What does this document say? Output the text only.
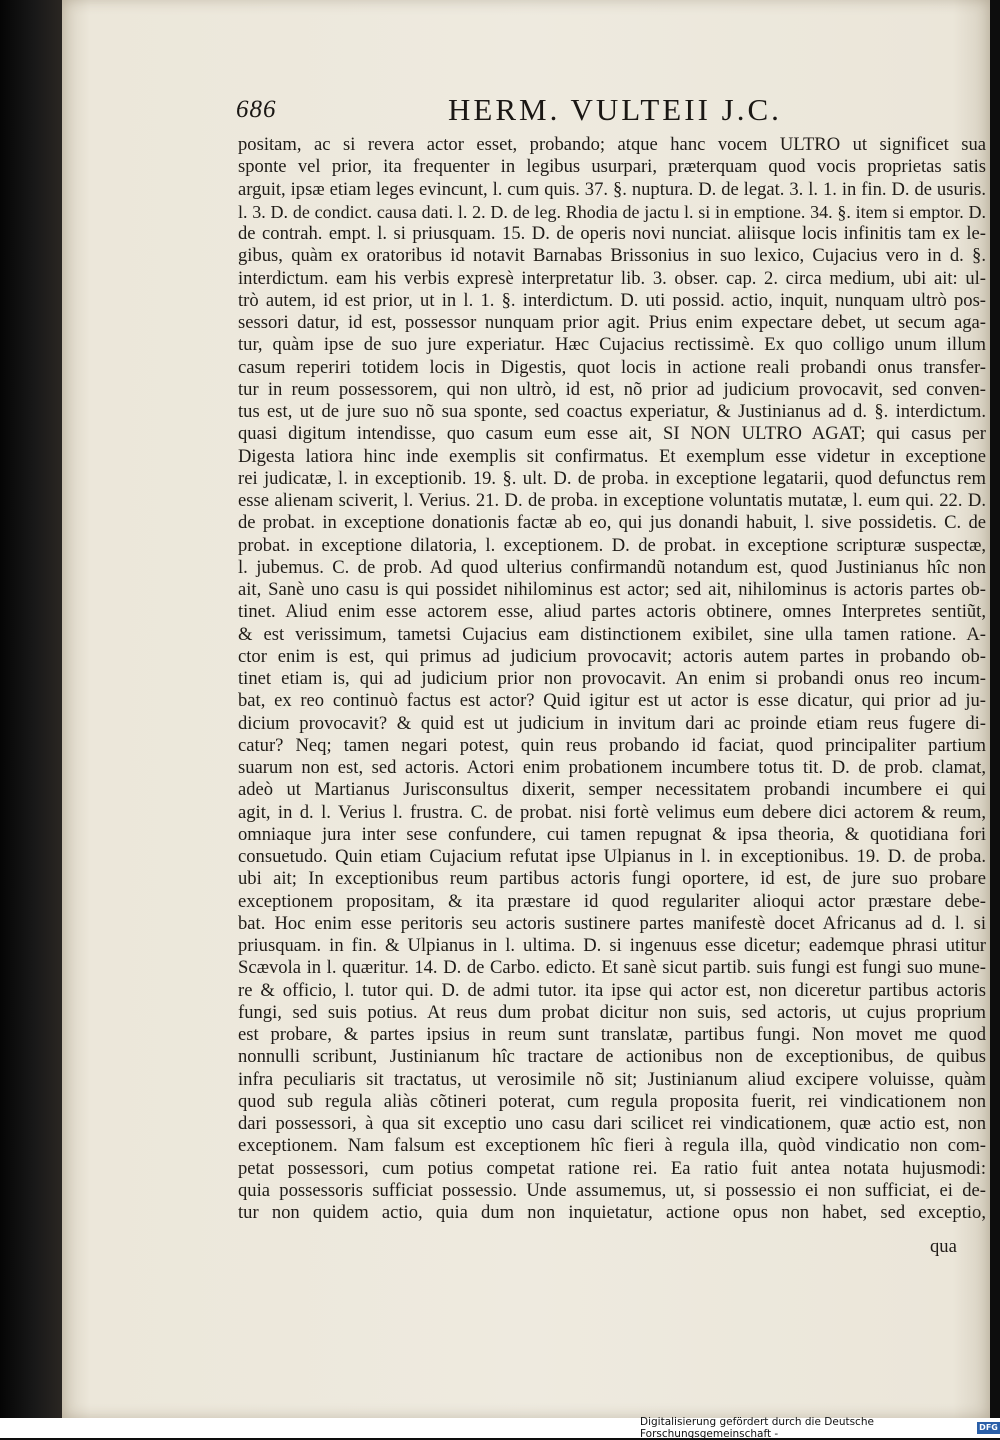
686	HERM. VULTEII J.C.
positam, ac si revera actor esset, probando; atque hanc vocem ULTRO ut significet sua
sponte vel prior, ita frequenter in legibus usurpari, præterquam quod vocis proprietas satis
arguit, ipsæ etiam leges evincunt, l. cum quis. 37. §. nuptura. D. de legat. 3. l. 1. in fin. D. de usuris.
l. 3. D. de condict. causa dati. l. 2. D. de leg. Rhodia de jactu l. si in emptione. 34. §. item si emptor. D.
de contrah. empt. l. si priusquam. 15. D. de operis novi nunciat. aliisque locis infinitis tam ex le-
gibus, quàm ex oratoribus id notavit Barnabas Brissonius in suo lexico, Cujacius vero in d. §.
interdictum. eam his verbis expresè interpretatur lib. 3. obser. cap. 2. circa medium, ubi ait: ul-
trò autem, id est prior, ut in l. 1. §. interdictum. D. uti possid. actio, inquit, nunquam ultrò pos-
sessori datur, id est, possessor nunquam prior agit. Prius enim expectare debet, ut secum aga-
tur, quàm ipse de suo jure experiatur. Hæc Cujacius rectissimè. Ex quo colligo unum illum
casum reperiri totidem locis in Digestis, quot locis in actione reali probandi onus transfer-
tur in reum possessorem, qui non ultrò, id est, nõ prior ad judicium provocavit, sed conven-
tus est, ut de jure suo nõ sua sponte, sed coactus experiatur, & Justinianus ad d. §. interdictum.
quasi digitum intendisse, quo casum eum esse ait, SI NON ULTRO AGAT; qui casus per
Digesta latiora hinc inde exemplis sit confirmatus. Et exemplum esse videtur in exceptione
rei judicatæ, l. in exceptionib. 19. §. ult. D. de proba. in exceptione legatarii, quod defunctus rem
esse alienam sciverit, l. Verius. 21. D. de proba. in exceptione voluntatis mutatæ, l. eum qui. 22. D.
de probat. in exceptione donationis factæ ab eo, qui jus donandi habuit, l. sive possidetis. C. de
probat. in exceptione dilatoria, l. exceptionem. D. de probat. in exceptione scripturæ suspectæ,
l. jubemus. C. de prob. Ad quod ulterius confirmandũ notandum est, quod Justinianus hîc non
ait, Sanè uno casu is qui possidet nihilominus est actor; sed ait, nihilominus is actoris partes ob-
tinet. Aliud enim esse actorem esse, aliud partes actoris obtinere, omnes Interpretes sentiũt,
& est verissimum, tametsi Cujacius eam distinctionem exibilet, sine ulla tamen ratione. A-
ctor enim is est, qui primus ad judicium provocavit; actoris autem partes in probando ob-
tinet etiam is, qui ad judicium prior non provocavit. An enim si probandi onus reo incum-
bat, ex reo continuò factus est actor? Quid igitur est ut actor is esse dicatur, qui prior ad ju-
dicium provocavit? & quid est ut judicium in invitum dari ac proinde etiam reus fugere di-
catur? Neq; tamen negari potest, quin reus probando id faciat, quod principaliter partium
suarum non est, sed actoris. Actori enim probationem incumbere totus tit. D. de prob. clamat,
adeò ut Martianus Jurisconsultus dixerit, semper necessitatem probandi incumbere ei qui
agit, in d. l. Verius l. frustra. C. de probat. nisi fortè velimus eum debere dici actorem & reum,
omniaque jura inter sese confundere, cui tamen repugnat & ipsa theoria, & quotidiana fori
consuetudo. Quin etiam Cujacium refutat ipse Ulpianus in l. in exceptionibus. 19. D. de proba.
ubi ait; In exceptionibus reum partibus actoris fungi oportere, id est, de jure suo probare
exceptionem propositam, & ita præstare id quod regulariter alioqui actor præstare debe-
bat. Hoc enim esse peritoris seu actoris sustinere partes manifestè docet Africanus ad d. l. si
priusquam. in fin. & Ulpianus in l. ultima. D. si ingenuus esse dicetur; eademque phrasi utitur
Scævola in l. quæritur. 14. D. de Carbo. edicto. Et sanè sicut partib. suis fungi est fungi suo mune-
re & officio, l. tutor qui. D. de admi tutor. ita ipse qui actor est, non diceretur partibus actoris
fungi, sed suis potius. At reus dum probat dicitur non suis, sed actoris, ut cujus proprium
est probare, & partes ipsius in reum sunt translatæ, partibus fungi. Non movet me quod
nonnulli scribunt, Justinianum hîc tractare de actionibus non de exceptionibus, de quibus
infra peculiaris sit tractatus, ut verosimile nõ sit; Justinianum aliud excipere voluisse, quàm
quod sub regula aliàs cõtineri poterat, cum regula proposita fuerit, rei vindicationem non
dari possessori, à qua sit exceptio uno casu dari scilicet rei vindicationem, quæ actio est, non
exceptionem. Nam falsum est exceptionem hîc fieri à regula illa, quòd vindicatio non com-
petat possessori, cum potius competat ratione rei. Ea ratio fuit antea notata hujusmodi:
quia possessoris sufficiat possessio. Unde assumemus, ut, si possessio ei non sufficiat, ei de-
tur non quidem actio, quia dum non inquietatur, actione opus non habet, sed exceptio,
qua
Digitalisierung gefördert durch die Deutsche Forschungsgemeinschaft -
DFG
